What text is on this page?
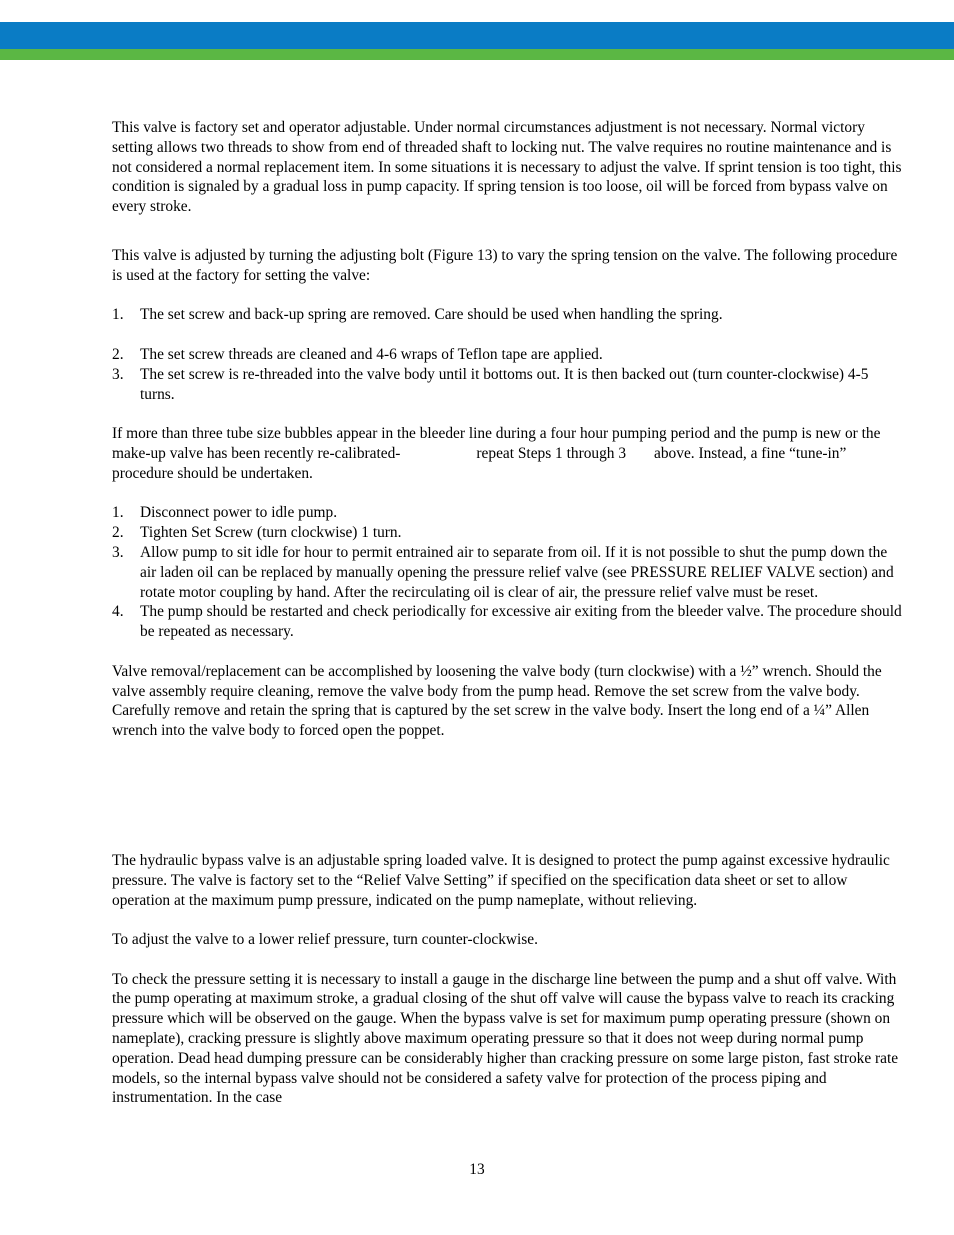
This valve is factory set and operator adjustable. Under normal circumstances adjustment is not necessary. Normal victory setting allows two threads to show from end of threaded shaft to locking nut. The valve requires no routine maintenance and is not considered a normal replacement item. In some situations it is necessary to adjust the valve. If sprint tension is too tight, this condition is signaled by a gradual loss in pump capacity. If spring tension is too loose, oil will be forced from bypass valve on every stroke.

This valve is adjusted by turning the adjusting bolt (Figure 13) to vary the spring tension on the valve. The following procedure is used at the factory for setting the valve:

1. The set screw and back-up spring are removed. Care should be used when handling the spring.
2. The set screw threads are cleaned and 4-6 wraps of Teflon tape are applied.
3. The set screw is re-threaded into the valve body until it bottoms out. It is then backed out (turn counter-clockwise) 4-5 turns.

If more than three tube size bubbles appear in the bleeder line during a four hour pumping period and the pump is new or the make-up valve has been recently re-calibrated-	repeat Steps 1 through 3 above. Instead, a fine “tune-in” procedure should be undertaken.

1. Disconnect power to idle pump.
2. Tighten Set Screw (turn clockwise) 1 turn.
3. Allow pump to sit idle for hour to permit entrained air to separate from oil. If it is not possible to shut the pump down the air laden oil can be replaced by manually opening the pressure relief valve (see PRESSURE RELIEF VALVE section) and rotate motor coupling by hand. After the recirculating oil is clear of air, the pressure relief valve must be reset.
4. The pump should be restarted and check periodically for excessive air exiting from the bleeder valve. The procedure should be repeated as necessary.

Valve removal/replacement can be accomplished by loosening the valve body (turn clockwise) with a ½” wrench. Should the valve assembly require cleaning, remove the valve body from the pump head. Remove the set screw from the valve body. Carefully remove and retain the spring that is captured by the set screw in the valve body. Insert the long end of a ¼” Allen wrench into the valve body to forced open the poppet.

The hydraulic bypass valve is an adjustable spring loaded valve. It is designed to protect the pump against excessive hydraulic pressure. The valve is factory set to the “Relief Valve Setting” if specified on the specification data sheet or set to allow operation at the maximum pump pressure, indicated on the pump nameplate, without relieving.

To adjust the valve to a lower relief pressure, turn counter-clockwise.

To check the pressure setting it is necessary to install a gauge in the discharge line between the pump and a shut off valve. With the pump operating at maximum stroke, a gradual closing of the shut off valve will cause the bypass valve to reach its cracking pressure which will be observed on the gauge. When the bypass valve is set for maximum pump operating pressure (shown on nameplate), cracking pressure is slightly above maximum operating pressure so that it does not weep during normal pump operation. Dead head dumping pressure can be considerably higher than cracking pressure on some large piston, fast stroke rate models, so the internal bypass valve should not be considered a safety valve for protection of the process piping and instrumentation. In the case

13
